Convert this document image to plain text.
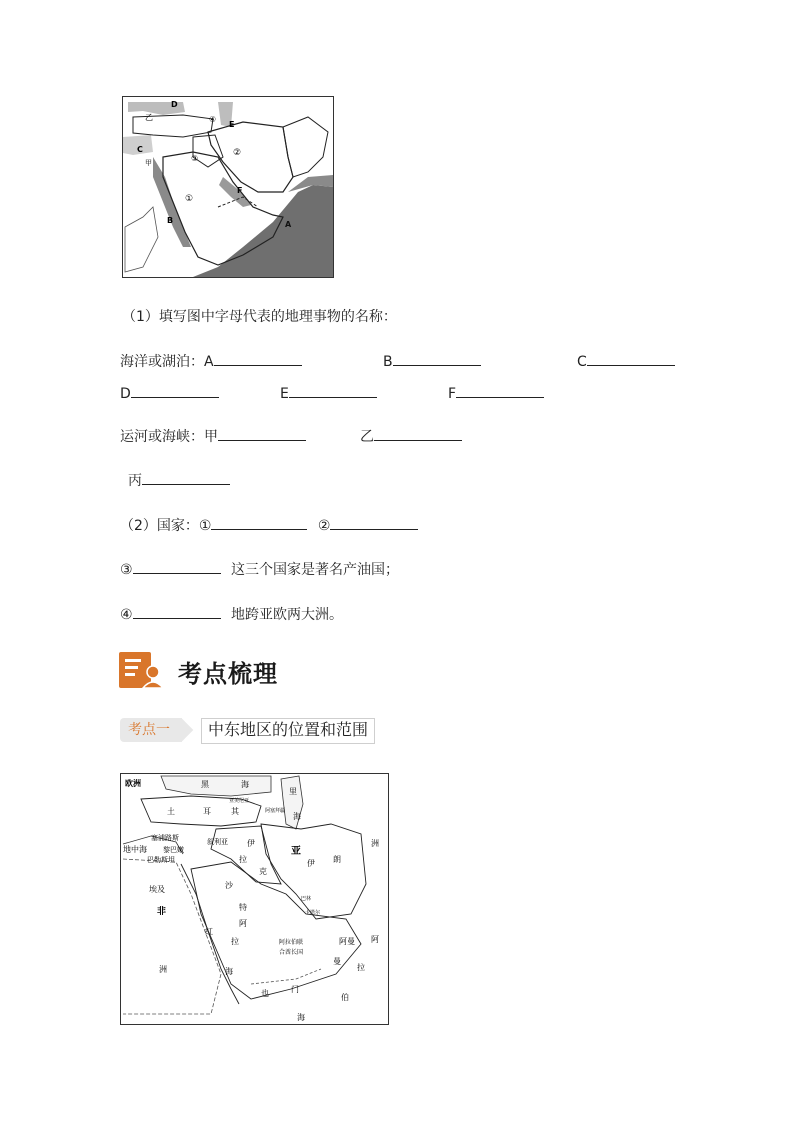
D
乙	④
E
C
甲	③
②
①
B
F
A
（1）填写图中字母代表的地理事物的名称：
海洋或湖泊：A	B	C
D	E	F
运河或海峡：甲	乙
丙
（2）国家：①	②
③	这三个国家是著名产油国；
④	地跨亚欧两大洲。
考点梳理
考点一	中东地区的位置和范围
欧洲	黑	海
土	耳	其
里
海
亚美尼亚
阿塞拜疆
塞浦路斯	叙利亚
地中海 黎巴嫩
巴勒斯坦
伊
拉
克
亚
伊 朗
洲
埃及
非
沙
特
阿
拉
红
洲	海
也	门
海
阿曼
曼
阿拉伯联
合酋长国
卡塔尔
巴林
阿
拉
伯
